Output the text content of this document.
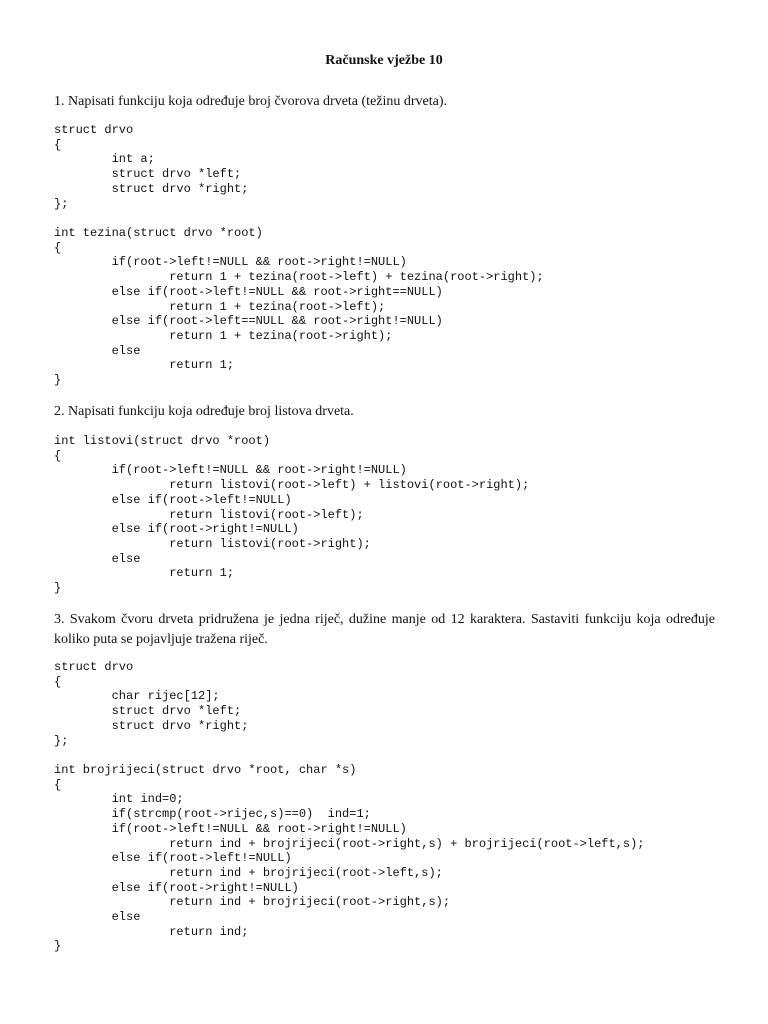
Računske vježbe 10

1. Napisati funkciju koja određuje broj čvorova drveta (težinu drveta).

struct drvo
{
	int a;
	struct drvo *left;
	struct drvo *right;
};
int tezina(struct drvo *root)
{
	if(root->left!=NULL && root->right!=NULL)
		return 1 + tezina(root->left) + tezina(root->right);
	else if(root->left!=NULL && root->right==NULL)
		return 1 + tezina(root->left);
	else if(root->left==NULL && root->right!=NULL)
		return 1 + tezina(root->right);
	else
		return 1;
}

2. Napisati funkciju koja određuje broj listova drveta.

int listovi(struct drvo *root)
{
	if(root->left!=NULL && root->right!=NULL)
		return listovi(root->left) + listovi(root->right);
	else if(root->left!=NULL)
		return listovi(root->left);
	else if(root->right!=NULL)
		return listovi(root->right);
	else
		return 1;
}

3. Svakom čvoru drveta pridružena je jedna riječ, dužine manje od 12 karaktera. Sastaviti funkciju koja određuje koliko puta se pojavljuje tražena riječ.

struct drvo
{
	char rijec[12];
	struct drvo *left;
	struct drvo *right;
};
int brojrijeci(struct drvo *root, char *s)
{
	int ind=0;
	if(strcmp(root->rijec,s)==0)  ind=1;
	if(root->left!=NULL && root->right!=NULL)
		return ind + brojrijeci(root->right,s) + brojrijeci(root->left,s);
	else if(root->left!=NULL)
		return ind + brojrijeci(root->left,s);
	else if(root->right!=NULL)
		return ind + brojrijeci(root->right,s);
	else
		return ind;
}
